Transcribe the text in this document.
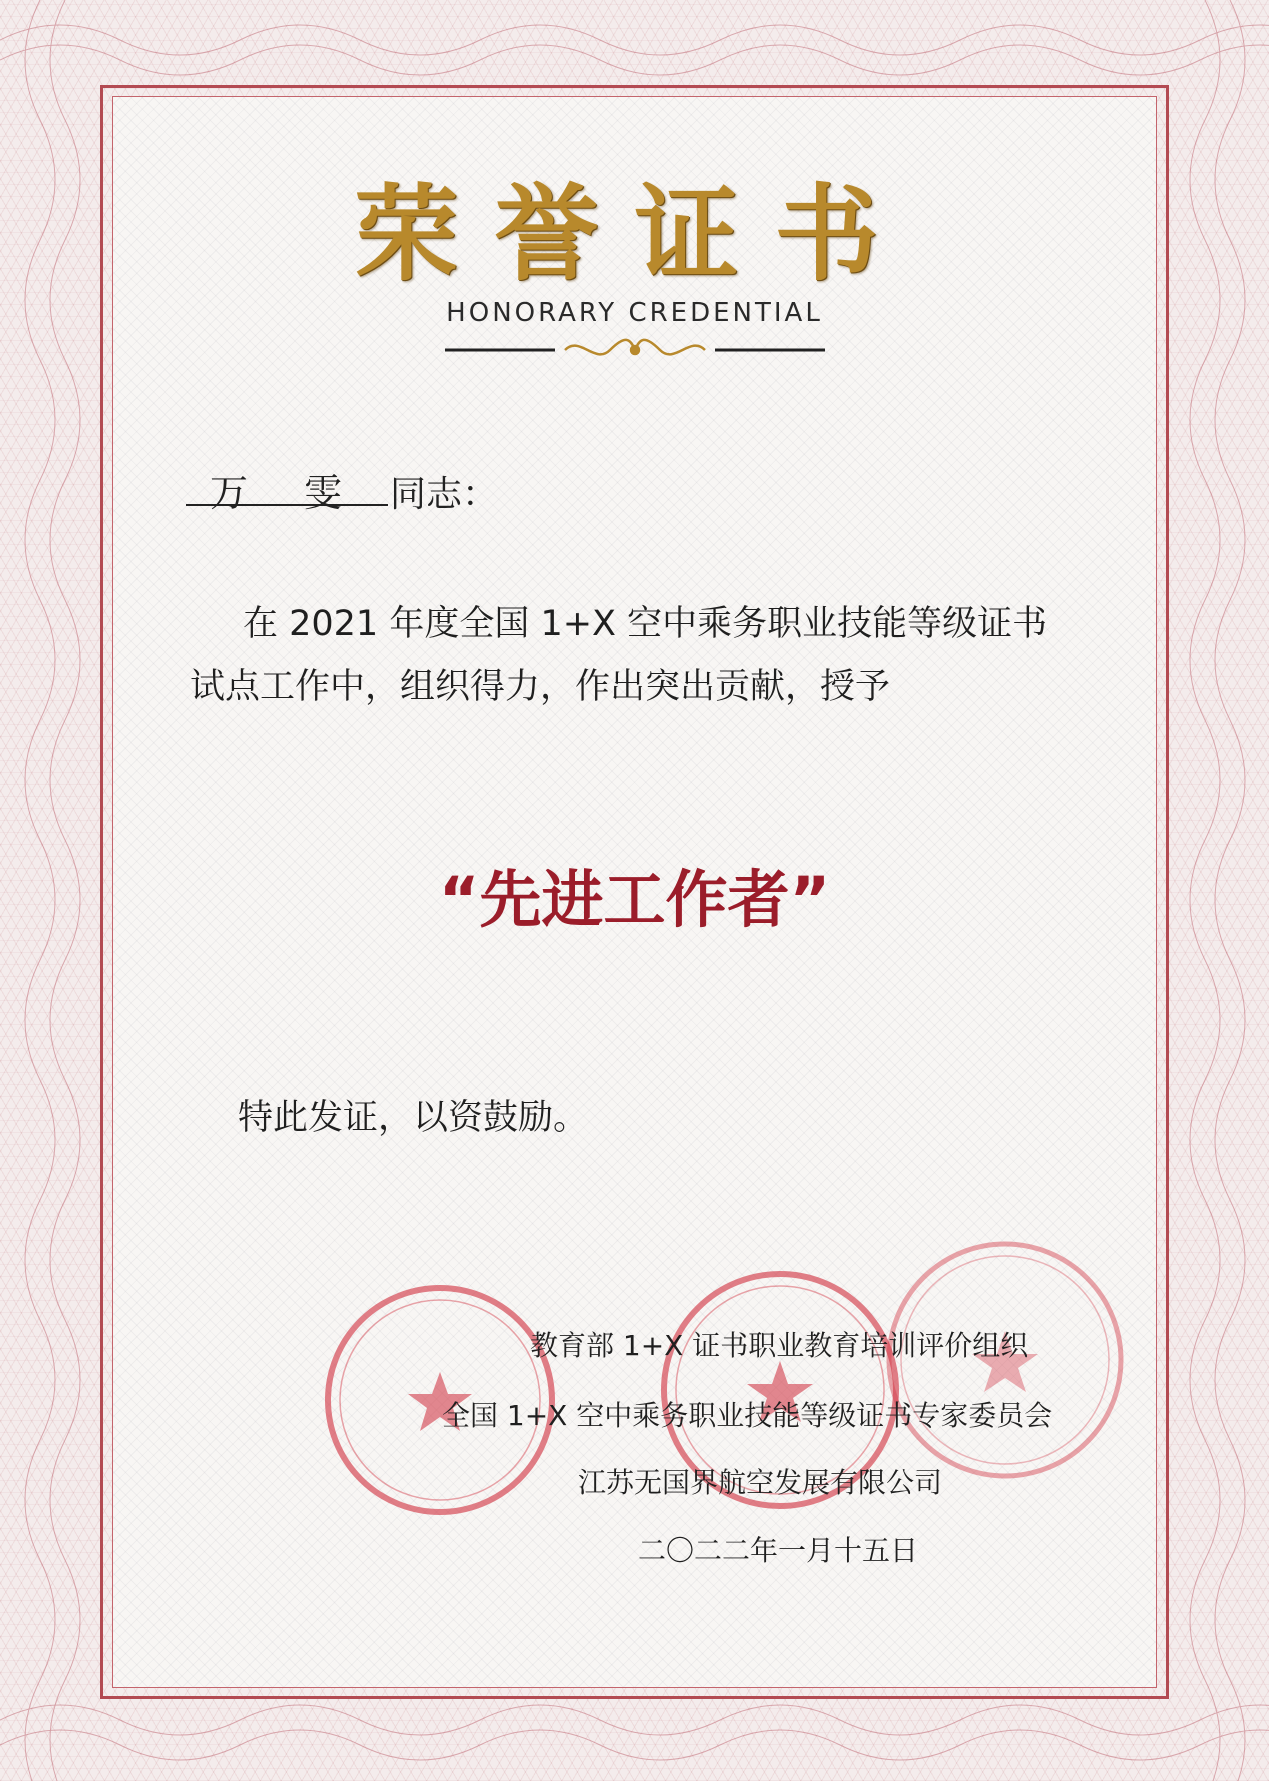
荣誉证书
HONORARY CREDENTIAL
万 雯 同志：
在 2021 年度全国 1+X 空中乘务职业技能等级证书
试点工作中，组织得力，作出突出贡献，授予
“先进工作者”
特此发证，以资鼓励。
教育部 1+X 证书职业教育培训评价组织
全国 1+X 空中乘务职业技能等级证书专家委员会
江苏无国界航空发展有限公司
二〇二二年一月十五日
